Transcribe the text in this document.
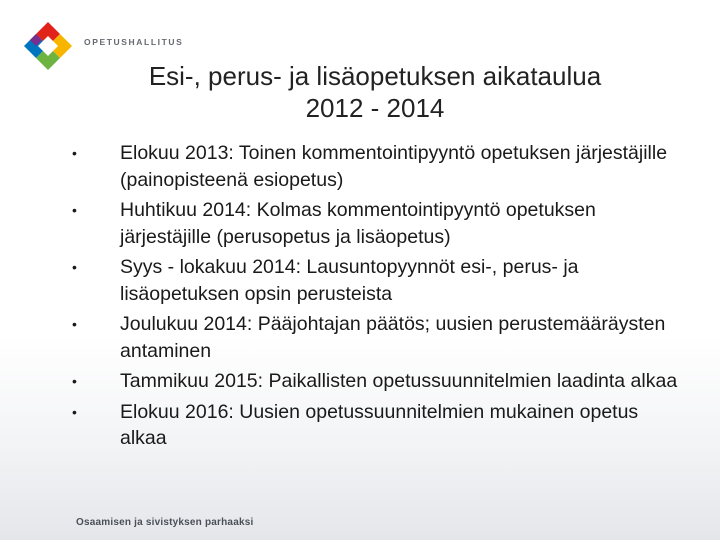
OPETUSHALLITUS
Esi-, perus- ja lisäopetuksen aikataulua
2012 - 2014
• Elokuu 2013: Toinen kommentointipyyntö opetuksen järjestäjille (painopisteenä esiopetus)
• Huhtikuu 2014: Kolmas kommentointipyyntö opetuksen järjestäjille (perusopetus ja lisäopetus)
• Syys - lokakuu 2014: Lausuntopyynnöt esi-, perus- ja lisäopetuksen opsin perusteista
• Joulukuu 2014: Pääjohtajan päätös; uusien perustemääräysten antaminen
• Tammikuu 2015: Paikallisten opetussuunnitelmien laadinta alkaa
• Elokuu 2016: Uusien opetussuunnitelmien mukainen opetus alkaa
Osaamisen ja sivistyksen parhaaksi
